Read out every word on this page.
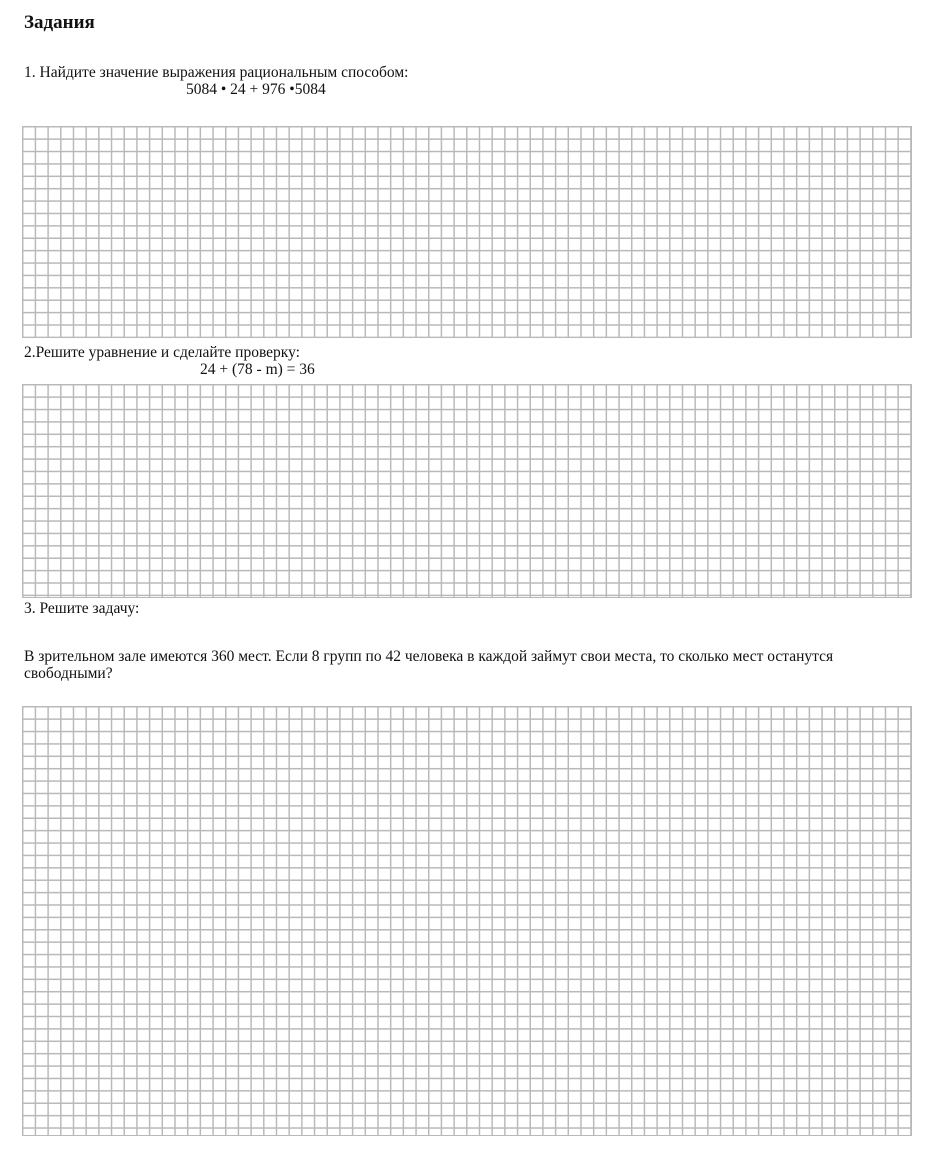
Задания
1. Найдите значение выражения рациональным способом:
5084 • 24 + 976 •5084
2.Решите уравнение и сделайте проверку:
24 + (78 - m) = 36
3. Решите задачу:
В зрительном зале имеются 360 мест. Если 8 групп по 42 человека в каждой займут свои места, то сколько мест останутся свободными?
